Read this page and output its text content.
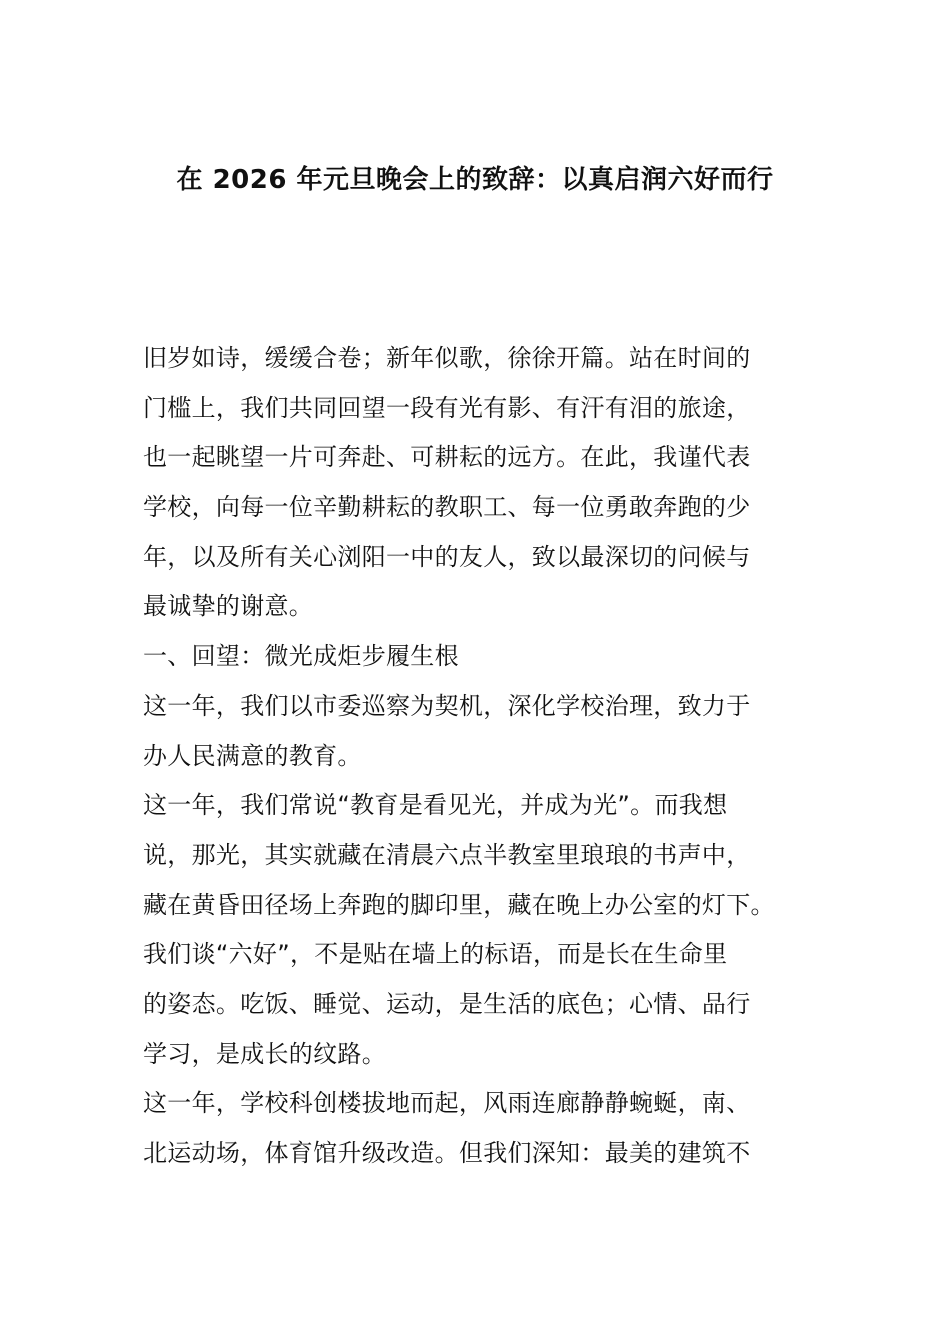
在 2026 年元旦晚会上的致辞：以真启润六好而行
旧岁如诗，缓缓合卷；新年似歌，徐徐开篇。站在时间的
门槛上，我们共同回望一段有光有影、有汗有泪的旅途，
也一起眺望一片可奔赴、可耕耘的远方。在此，我谨代表
学校，向每一位辛勤耕耘的教职工、每一位勇敢奔跑的少
年，以及所有关心浏阳一中的友人，致以最深切的问候与
最诚挚的谢意。
一、回望：微光成炬步履生根
这一年，我们以市委巡察为契机，深化学校治理，致力于
办人民满意的教育。
这一年，我们常说“教育是看见光，并成为光”。而我想
说，那光，其实就藏在清晨六点半教室里琅琅的书声中，
藏在黄昏田径场上奔跑的脚印里，藏在晚上办公室的灯下。
我们谈“六好”，不是贴在墙上的标语，而是长在生命里
的姿态。吃饭、睡觉、运动，是生活的底色；心情、品行
学习，是成长的纹路。
这一年，学校科创楼拔地而起，风雨连廊静静蜿蜒，南、
北运动场，体育馆升级改造。但我们深知：最美的建筑不
